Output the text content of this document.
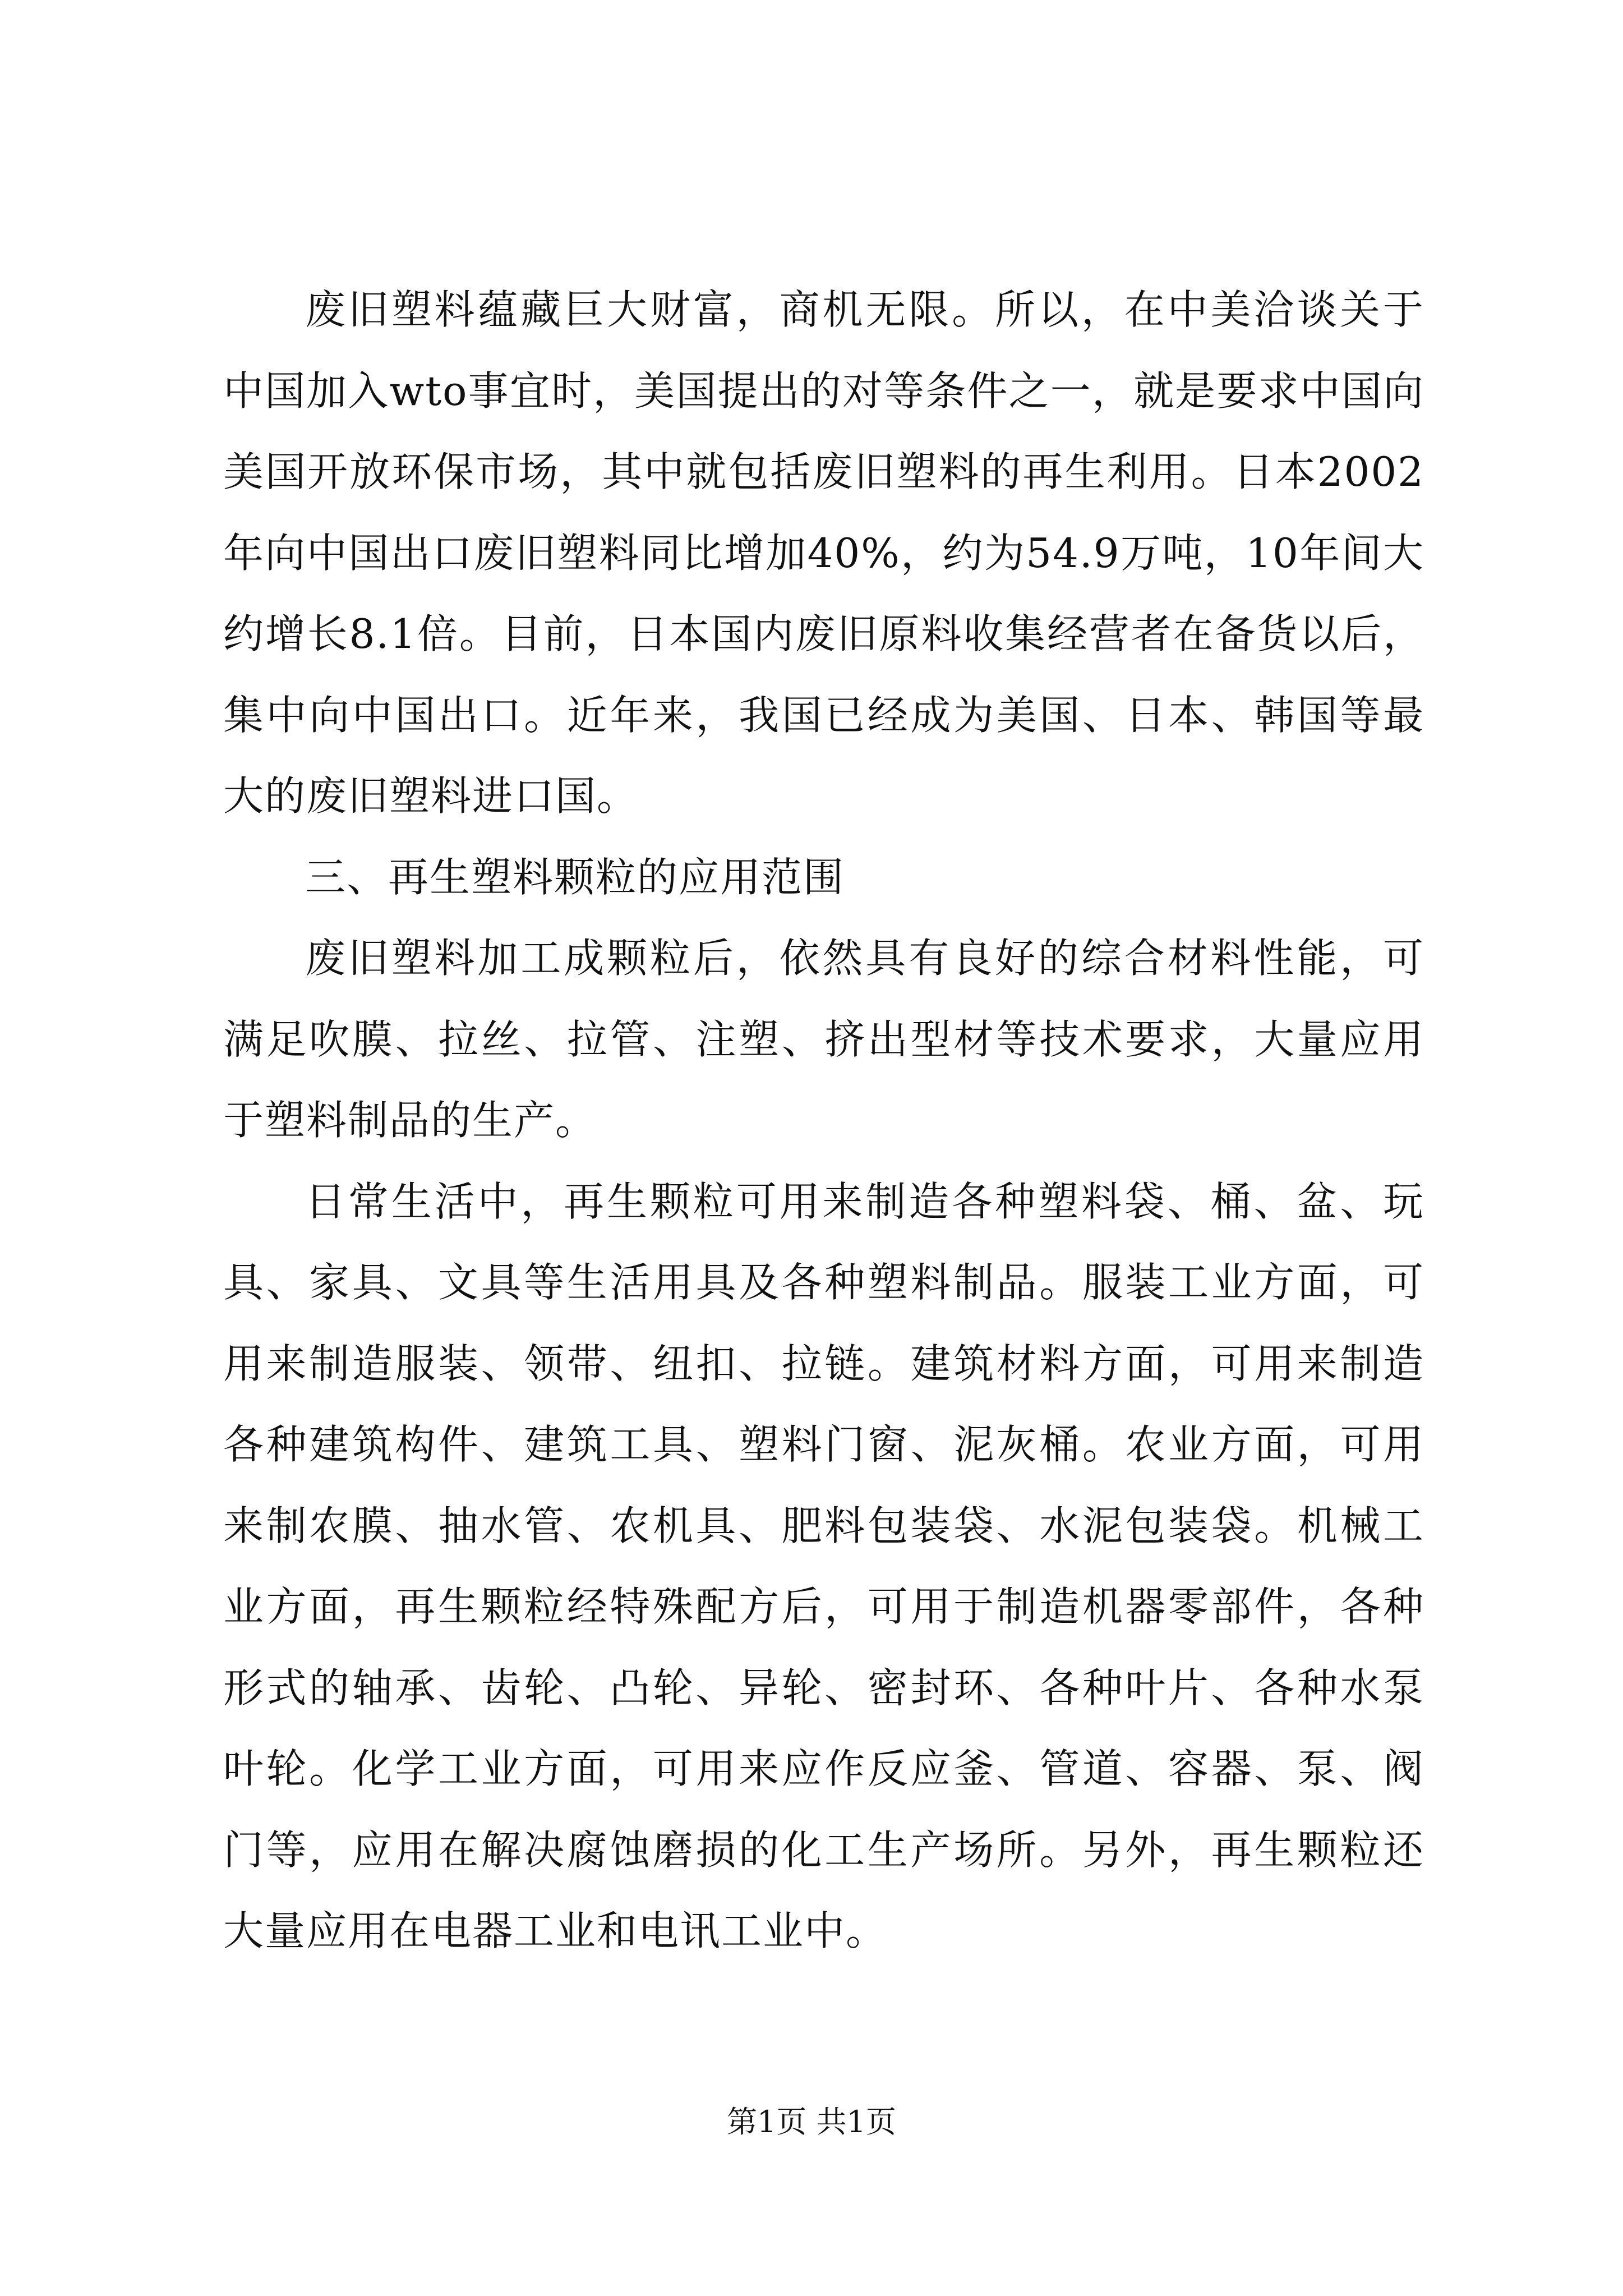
废旧塑料蕴藏巨大财富，商机无限。所以，在中美洽谈关于中国加入wto事宜时，美国提出的对等条件之一，就是要求中国向美国开放环保市场，其中就包括废旧塑料的再生利用。日本2002年向中国出口废旧塑料同比增加40%，约为54.9万吨，10年间大约增长8.1倍。目前，日本国内废旧原料收集经营者在备货以后，集中向中国出口。近年来，我国已经成为美国、日本、韩国等最大的废旧塑料进口国。

三、再生塑料颗粒的应用范围

废旧塑料加工成颗粒后，依然具有良好的综合材料性能，可满足吹膜、拉丝、拉管、注塑、挤出型材等技术要求，大量应用于塑料制品的生产。

日常生活中，再生颗粒可用来制造各种塑料袋、桶、盆、玩具、家具、文具等生活用具及各种塑料制品。服装工业方面，可用来制造服装、领带、纽扣、拉链。建筑材料方面，可用来制造各种建筑构件、建筑工具、塑料门窗、泥灰桶。农业方面，可用来制农膜、抽水管、农机具、肥料包装袋、水泥包装袋。机械工业方面，再生颗粒经特殊配方后，可用于制造机器零部件，各种形式的轴承、齿轮、凸轮、异轮、密封环、各种叶片、各种水泵叶轮。化学工业方面，可用来应作反应釜、管道、容器、泵、阀门等，应用在解决腐蚀磨损的化工生产场所。另外，再生颗粒还大量应用在电器工业和电讯工业中。

第1页 共1页
